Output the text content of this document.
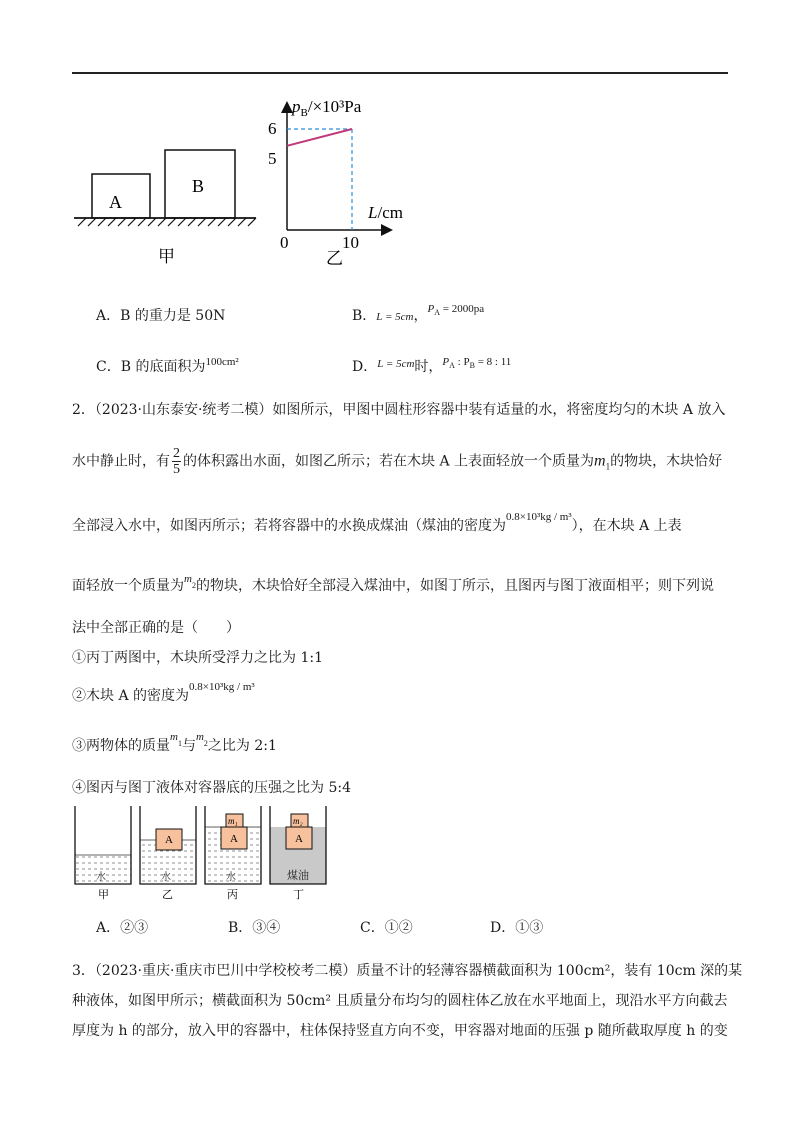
A
B
甲
$p_B/\times 10^3Pa$
L/cm
6
5
0	10
乙
A．B 的重力是 50N	B．L = 5cm，$^{P_A = 2000pa}$
C．B 的底面积为$^{100cm^2}$	D．$^{L = 5cm}$时，$^{P_A : P_B = 8 : 11}$
2．（2023·山东泰安·统考二模）如图所示，甲图中圆柱形容器中装有适量的水，将密度均匀的木块 A 放入
水中静止时，有 $\frac{2}{5}$ 的体积露出水面，如图乙所示；若在木块 A 上表面轻放一个质量为$m_1$的物块，木块恰好
全部浸入水中，如图丙所示；若将容器中的水换成煤油（煤油的密度为$^{0.8\times 10^3kg / m^3}$），在木块 A 上表
面轻放一个质量为$^m_2$的物块，木块恰好全部浸入煤油中，如图丁所示，且图丙与图丁液面相平；则下列说
法中全部正确的是（　　）
①丙丁两图中，木块所受浮力之比为 1:1
②木块 A 的密度为$^{0.8\times 10^3kg / m^3}$
③两物体的质量$^m_1$与$^m_2$之比为 2:1
④图丙与图丁液体对容器底的压强之比为 5:4
水
甲
A
水
乙
A
m₁
水
丙
A
m₂
煤油
丁
A．②③	B．③④	C．①②	D．①③
3．（2023·重庆·重庆市巴川中学校校考二模）质量不计的轻薄容器横截面积为 100cm²，装有 10cm 深的某
种液体，如图甲所示；横截面积为 50cm² 且质量分布均匀的圆柱体乙放在水平地面上，现沿水平方向截去
厚度为 h 的部分，放入甲的容器中，柱体保持竖直方向不变，甲容器对地面的压强 p 随所截取厚度 h 的变
